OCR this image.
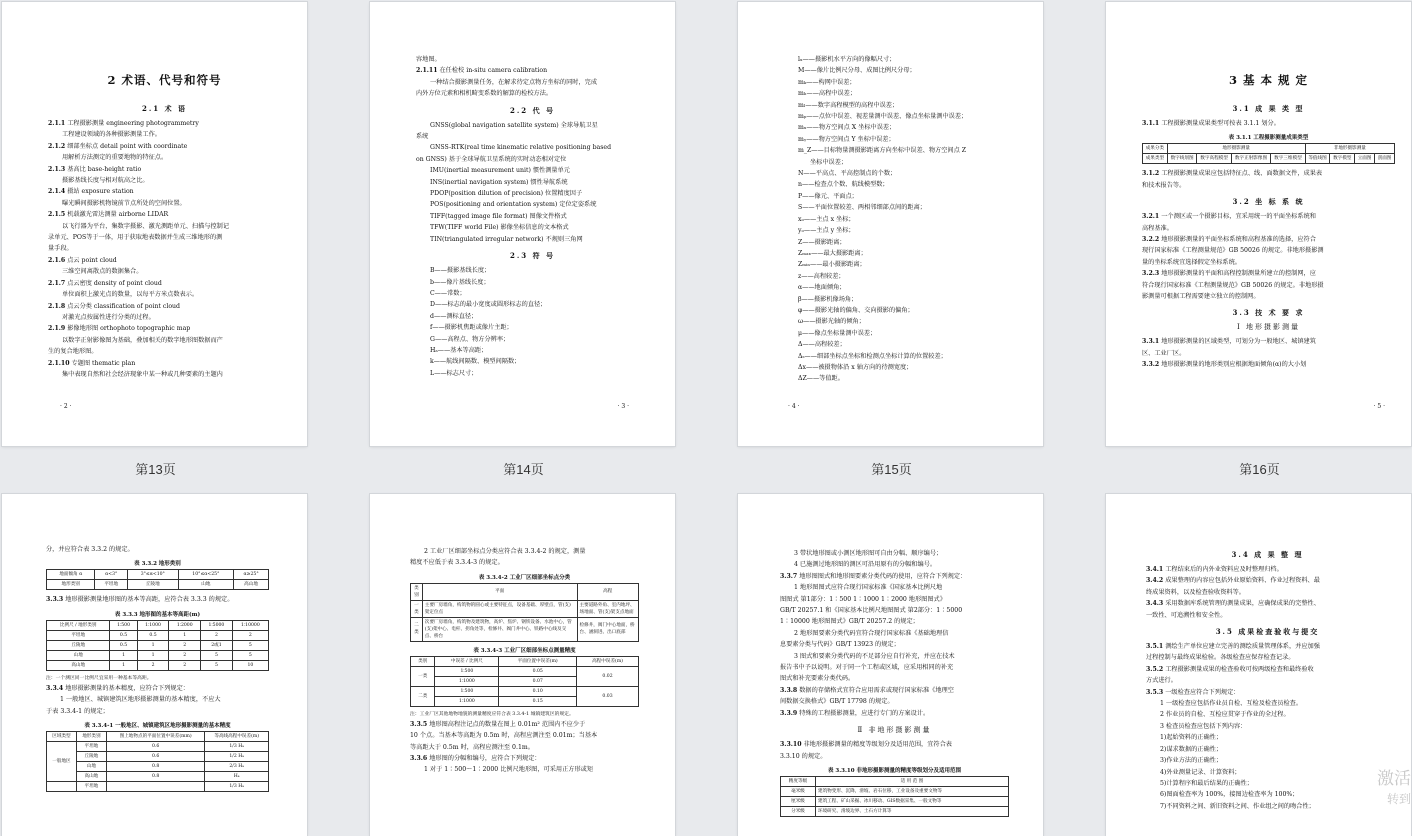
2 术语、代号和符号
2.1 术 语
2.1.1 工程摄影测量 engineering photogrammetry
工程建设领域的各种摄影测量工作。
2.1.2 细部坐标点 detail point with coordinate
用解析方法测定的重要地物的特征点。
2.1.3 基高比 base-height ratio
摄影基线长度与相对航高之比。
2.1.4 摄站 exposure station
曝光瞬间摄影机物镜前节点所处的空间位置。
2.1.5 机载激光雷达测量 airborne LIDAR
以飞行器为平台，集数字摄影、激光测距单元、扫描与控制记
录单元、POS等于一体，用于获取地表数据并生成三维地形的测
量手段。
2.1.6 点云 point cloud
三维空间离散点的数据集合。
2.1.7 点云密度 density of point cloud
单位面积上激光点的数量，以每平方米点数表示。
2.1.8 点云分类 classification of point cloud
对激光点按属性进行分类的过程。
2.1.9 影像地形图 orthophoto topographic map
以数字正射影像图为基础，叠加相关的数字地形图数据而产
生的复合地形图。
2.1.10 专题图 thematic plan
集中表现自然和社会经济现象中某一种或几种要素的主题内
· 2 ·
第13页
容地图。
2.1.11 在任检校 in-situ camera calibration
一种结合摄影测量任务，在解求待定点物方坐标的同时，完成
内外方位元素和相机畸变系数的解算的检校方法。
2.2 代 号
GNSS(global navigation satellite system) 全球导航卫星
系统
GNSS-RTK(real time kinematic relative positioning based
on GNSS) 基于全球导航卫星系统的实时动态相对定位
IMU(inertial measurement unit) 惯性测量单元
INS(inertial navigation system) 惯性导航系统
PDOP(position dilution of precision) 位置精度因子
POS(positioning and orientation system) 定位定姿系统
TIFF(tagged image file format) 图像文件格式
TFW(TIFF world File) 影像坐标信息的文本格式
TIN(triangulated irregular network) 不规则三角网
2.3 符 号
B——摄影基线长度；
b——像片基线长度；
C——常数；
D——标志的最小宽度或圆形标志的直径；
d——测标直径；
f——摄影机焦距或像片主距；
G——高程点、物方分辨率；
Hₐ——基本等高距；
k——航线间隔数、模型间隔数；
L——标志尺寸；
· 3 ·
第14页
lₓ——摄影机水平方向的像幅尺寸；
M——像片比例尺分母、成图比例尺分母；
mₖ——构网中误差；
mₕ——高程中误差；
mₗ——数字高程模型的高程中误差；
mₚ——点位中误差、视差量测中误差、像点坐标量测中误差；
mₓ——物方空间点 X 坐标中误差；
mᵧ——物方空间点 Y 坐标中误差；
m_Z——目标物量测摄影距离方向坐标中误差、物方空间点 Z
坐标中误差；
N——平高点、平高控制点的个数；
n——检查点个数、航线模型数；
P——像元、平面点；
S——平面位置较差、两相邻细部点间的距离；
xₒ——主点 x 坐标；
yₒ——主点 y 坐标；
Z——摄影距离；
Zₘₐₓ——最大摄影距离；
Zₘᵢₙ——最小摄影距离；
z——高程较差；
α——地面倾角；
β——摄影机像场角；
φ——摄影光轴的偏角、交向摄影的偏角；
ω——摄影光轴的倾角；
μ——像点坐标量测中误差；
Δ——高程较差；
Δₛ——细部坐标点坐标和检测点坐标计算的位置较差；
Δx——被摄物体沿 x 轴方向的待测宽度；
ΔZ——等值距。
· 4 ·
第15页
3 基 本 规 定
3.1 成 果 类 型
3.1.1 工程摄影测量成果类型可按表 3.1.1 划分。
表 3.1.1 工程摄影测量成果类型
成果分类	地形摄影测量				非地形摄影测量			
成果类型	数字线划图	数字高程模型	数字正射影像图	数字三维模型	等值线图	数字模型	立面图	剖面图
3.1.2 工程摄影测量成果应包括特征点、线、面数据文件，成果表
和技术报告等。
3.2 坐 标 系 统
3.2.1 一个测区或一个摄影目标，宜采用统一的平面坐标系统和
高程基准。
3.2.2 地形摄影测量的平面坐标系统和高程基准的选择，应符合
现行国家标准《工程测量规范》GB 50026 的规定。非地形摄影测
量的坐标系统宜选择假定坐标系统。
3.2.3 地形摄影测量的平面和高程控制测量所建立的控制网，应
符合现行国家标准《工程测量规范》GB 50026 的规定。非地形摄
影测量可根据工程需要建立独立的控制网。
3.3 技 术 要 求
Ⅰ 地形摄影测量
3.3.1 地形摄影测量的区域类型，可划分为一般地区、城镇建筑
区、工业厂区。
3.3.2 地形摄影测量的地形类别应根据地面倾角(α)的大小划
· 5 ·
第16页
分，并应符合表 3.3.2 的规定。
表 3.3.2 地形类别
地面倾角 α	α<3°	3°≤α<10°	10°≤α<25°	α≥25°
地形类别	平坦地	丘陵地	山地	高山地
3.3.3 地形摄影测量地形图的基本等高距，应符合表 3.3.3 的规定。
表 3.3.3 地形图的基本等高距(m)
比例尺 / 地形类别	1∶500	1∶1000	1∶2000	1∶5000	1∶10000
平坦地	0.5	0.5	1	2	2
丘陵地	0.5	1	2	2或1	5
山地	1	1	2	5	5
高山地	1	2	2	5	10
注：一个测区同一比例尺宜采用一种基本等高距。
3.3.4 地形摄影测量的基本精度，应符合下列规定：
1 一般地区、城镇建筑区地形摄影测量的基本精度，不应大
于表 3.3.4-1 的规定；
表 3.3.4-1 一般地区、城镇建筑区地形摄影测量的基本精度
区域类型	地形类别	图上地物点的平面位置中误差(mm)	等高线高程中误差(m)
一般地区	平坦地	0.6	1/3 Hₐ
	丘陵地	0.6	1/2 Hₐ
	山地	0.8	2/3 Hₐ
	高山地	0.8	Hₐ
	平坦地		1/3 Hₐ
2 工业厂区细部坐标点分类应符合表 3.3.4-2 的规定，测量
精度不应低于表 3.3.4-3 的规定。
表 3.3.4-2 工业厂区细部坐标点分类
类别	平面	高程
一类	主要厂房墙角，构筑物的圆心或主要特征点，设备基础、厚壁点，管(支)架定位点	主要道路外角、室内地坪、场地面、管(支)架支点地面
二类	次要厂房墙角，构筑物及建筑物，高炉、焦炉、钢铁设备、水池中心，管(支)架中心、电杆、拐角处等，检修井、阀门井中心、铁路中心线及交点、桥台	检修井，阀门中心地面，桥台、涵洞进、出口底部
表 3.3.4-3 工业厂区细部坐标点测量精度
类别	中误差 / 比例尺	平面位置中误差(m)	高程中误差(m)
一类	1∶500	0.05	0.02
	1∶1000	0.07	
二类	1∶500	0.10	0.03
	1∶1000	0.15	
注：工业厂区其他地物地貌的测量精度应符合表 3.3.4-1 城镇建筑区的规定。
3.3.5 地形图高程注记点的数量在图上 0.01m² 范围内不应少于
10 个点。当基本等高距为 0.5m 时，高程应测注至 0.01m；当基本
等高距大于 0.5m 时，高程应测注至 0.1m。
3.3.6 地形图的分幅和编号，应符合下列规定：
1 对于 1∶500～1∶2000 比例尺地形图，可采用正方形或矩
3 带状地形图或小测区地形图可自由分幅、顺序编号；
4 已施测过地形图的测区可沿用原有的分幅和编号。
3.3.7 地形图图式和地形图要素分类代码的使用，应符合下列规定：
1 地形图图式应符合现行国家标准《国家基本比例尺地
图图式 第1部分：1∶500 1∶1000 1∶2000 地形图图式》
GB/T 20257.1 和《国家基本比例尺地图图式 第2部分：1∶5000
1∶10000 地形图图式》GB/T 20257.2 的规定；
2 地形图要素分类代码宜符合现行国家标准《基础地理信
息要素分类与代码》GB/T 13923 的规定；
3 图式和要素分类代码的不足部分应自行补充，并应在技术
报告书中予以说明。对于同一个工程或区域，应采用相同的补充
图式和补充要素分类代码。
3.3.8 数据的存储格式宜符合应用需求或现行国家标准《地理空
间数据交换格式》GB/T 17798 的规定。
3.3.9 特殊的工程摄影测量，应进行专门的方案设计。
Ⅱ 非地形摄影测量
3.3.10 非地形摄影测量的精度等级划分及适用范围，宜符合表
3.3.10 的规定。
表 3.3.10 非地形摄影测量的精度等级划分及适用范围
精度等级	适 用 范 围
毫米级	建筑物变形、沉降，滑坡、岩石位移，工业设备及重要文物等
厘米级	建筑工程、矿山采掘、冰川移动、GIS数据采集、一般文物等
分米级	环境研究、滑坡边界、土石方计算等
3.4 成 果 整 理
3.4.1 工程结束后的内外业资料应及时整理归档。
3.4.2 成果整理的内容应包括外业原始资料、作业过程资料、最
终成果资料，以及检查验收资料等。
3.4.3 采用数据库系统管理的测量成果，应确保成果的完整性、
一致性、可追溯性和安全性。
3.5 成果检查验收与提交
3.5.1 测绘生产单位应建立完善的测绘质量管理体系，并应加强
过程控制与最终成果检验。各级检查应保存检查记录。
3.5.2 工程摄影测量成果的检查验收可按两级检查和最终验收
方式进行。
3.5.3 一级检查应符合下列规定：
1 一级检查应包括作业员自检、互检及检查员检查。
2 作业员的自检、互检应贯穿于作业的全过程。
3 检查员检查应包括下列内容：
1)起始资料的正确性；
2)谋求数据的正确性；
3)作业方法的正确性；
4)外业测量记录、计算资料；
5)计算程序和最后结果的正确性；
6)图面检查率为 100%，接图边检查率为 100%；
7)不同资料之间、新旧资料之间、作业组之间的吻合性；
激活
转到
